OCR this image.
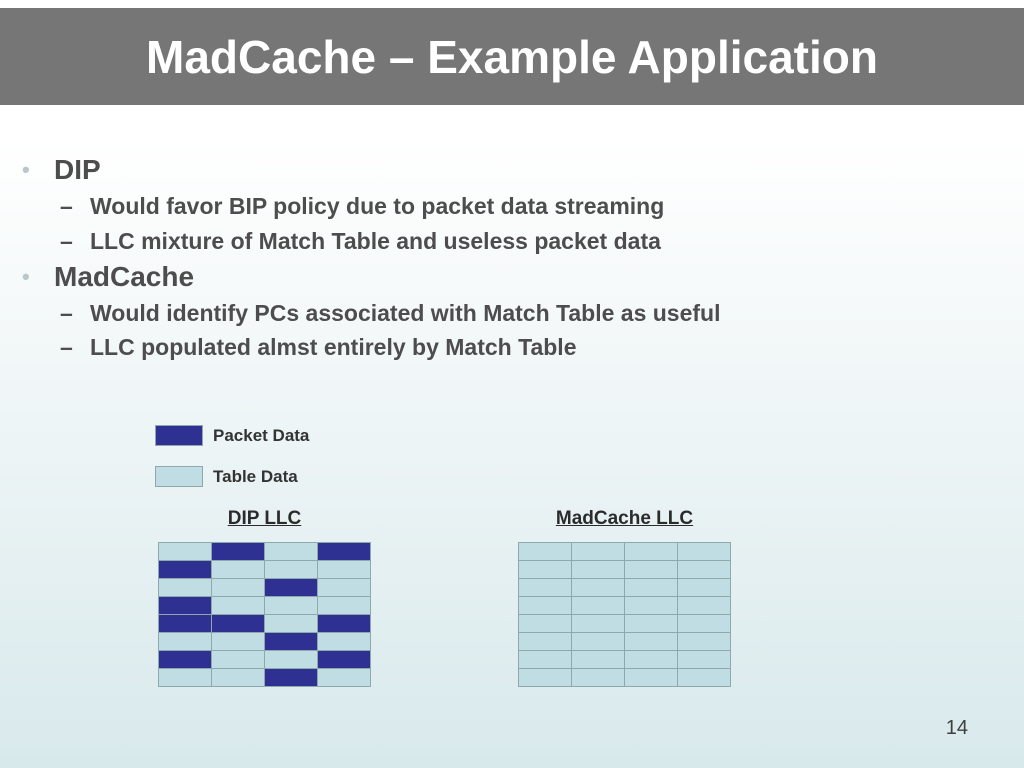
MadCache – Example Application
• DIP
– Would favor BIP policy due to packet data streaming
– LLC mixture of Match Table and useless packet data
• MadCache
– Would identify PCs associated with Match Table as useful
– LLC populated almst entirely by Match Table
Packet Data
Table Data
DIP LLC	MadCache LLC
14
